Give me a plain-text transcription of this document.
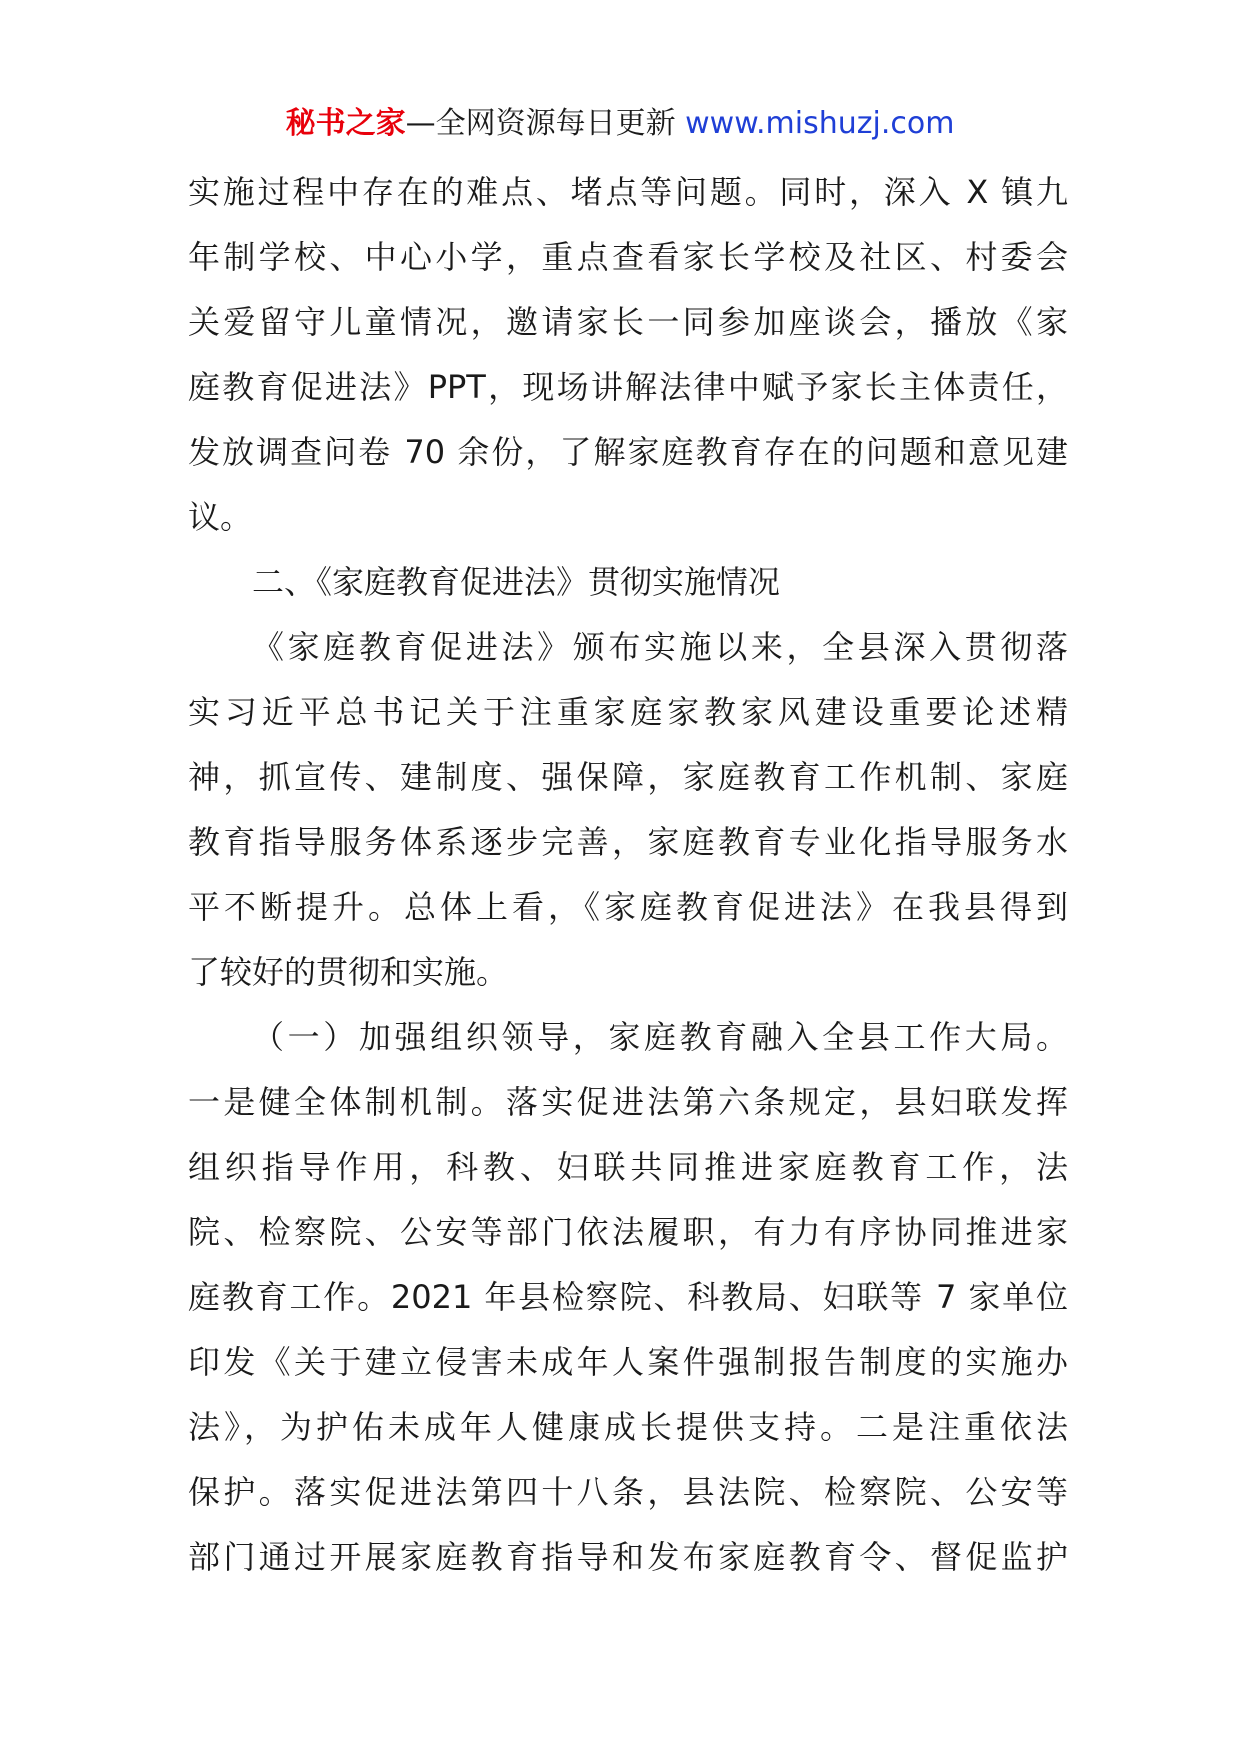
秘书之家—全网资源每日更新 www.mishuzj.com
实施过程中存在的难点、堵点等问题。同时，深入 X 镇九
年制学校、中心小学，重点查看家长学校及社区、村委会
关爱留守儿童情况，邀请家长一同参加座谈会，播放《家
庭教育促进法》PPT，现场讲解法律中赋予家长主体责任，
发放调查问卷 70 余份，了解家庭教育存在的问题和意见建
议。
二、《家庭教育促进法》贯彻实施情况
《家庭教育促进法》颁布实施以来，全县深入贯彻落
实习近平总书记关于注重家庭家教家风建设重要论述精
神，抓宣传、建制度、强保障，家庭教育工作机制、家庭
教育指导服务体系逐步完善，家庭教育专业化指导服务水
平不断提升。总体上看，《家庭教育促进法》在我县得到
了较好的贯彻和实施。
（一）加强组织领导，家庭教育融入全县工作大局。
一是健全体制机制。落实促进法第六条规定，县妇联发挥
组织指导作用，科教、妇联共同推进家庭教育工作，法
院、检察院、公安等部门依法履职，有力有序协同推进家
庭教育工作。2021 年县检察院、科教局、妇联等 7 家单位
印发《关于建立侵害未成年人案件强制报告制度的实施办
法》，为护佑未成年人健康成长提供支持。二是注重依法
保护。落实促进法第四十八条，县法院、检察院、公安等
部门通过开展家庭教育指导和发布家庭教育令、督促监护
